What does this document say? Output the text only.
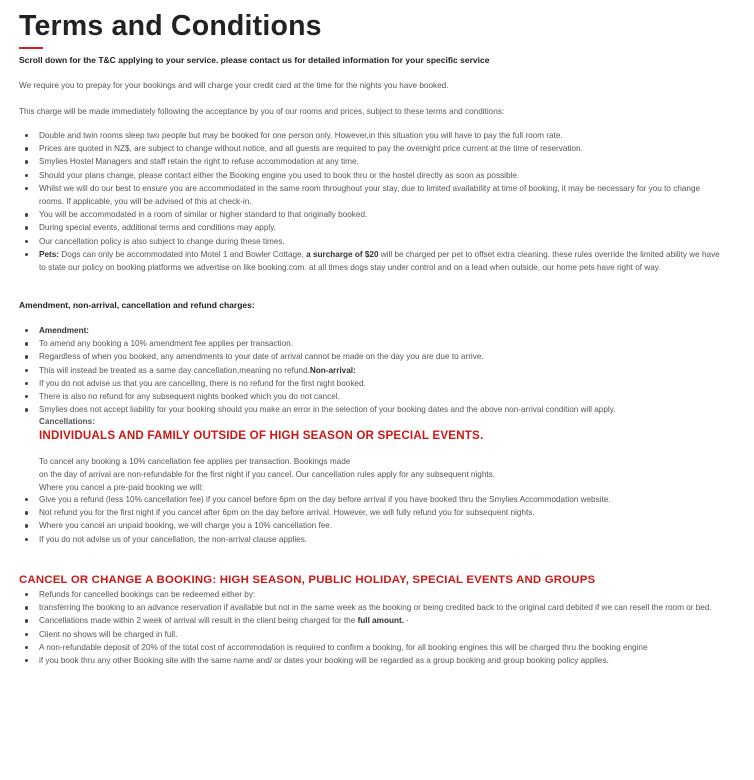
Terms and Conditions
Scroll down for the T&C applying to your service. please contact us for detailed information for your specific service
We require you to prepay for your bookings and will charge your credit card at the time for the nights you have booked.
This charge will be made immediately following the acceptance by you of our rooms and prices, subject to these terms and conditions:
Double and twin rooms sleep two people but may be booked for one person only. However,in this situation you will have to pay the full room rate.
Prices are quoted in NZ$, are subject to change without notice, and all guests are required to pay the overnight price current at the time of reservation.
Smylies Hostel Managers and staff retain the right to refuse accommodation at any time.
Should your plans change, please contact either the Booking engine you used to book thru or the hostel directly as soon as possible.
Whilst we will do our best to ensure you are accommodated in the same room throughout your stay, due to limited availability at time of booking, it may be necessary for you to change rooms. If applicable, you will be advised of this at check-in.
You will be accommodated in a room of similar or higher standard to that originally booked.
During special events, additional terms and conditions may apply.
Our cancellation policy is also subject to change during these times.
Pets: Dogs can only be accommodated into Motel 1 and Bowler Cottage, a surcharge of $20 will be charged per pet to offset extra cleaning. these rules override the limited ability we have to state our policy on booking platforms we advertise on like booking.com. at all times dogs stay under control and on a lead when outside, our home pets have right of way.
Amendment, non-arrival, cancellation and refund charges:
Amendment:
To amend any booking a 10% amendment fee applies per transaction.
Regardless of when you booked, any amendments to your date of arrival cannot be made on the day you are due to arrive.
This will instead be treated as a same day cancellation,meaning no refund.Non-arrival:
If you do not advise us that you are cancelling, there is no refund for the first night booked.
There is also no refund for any subsequent nights booked which you do not cancel.
Smylies does not accept liability for your booking should you make an error in the selection of your booking dates and the above non-arrival condition will apply.
Cancellations:
INDIVIDUALS AND FAMILY OUTSIDE OF HIGH SEASON OR SPECIAL EVENTS.
To cancel any booking a 10% cancellation fee applies per transaction. Bookings made
on the day of arrival are non-refundable for the first night if you cancel. Our cancellation rules apply for any subsequent nights.
Where you cancel a pre-paid booking we will:
Give you a refund (less 10% cancellation fee) if you cancel before 6pm on the day before arrival if you have booked thru the Smylies Accommodation website.
Not refund you for the first night if you cancel after 6pm on the day before arrival. However, we will fully refund you for subsequent nights.
Where you cancel an unpaid booking, we will charge you a 10% cancellation fee.
If you do not advise us of your cancellation, the non-arrival clause applies.
CANCEL OR CHANGE A BOOKING: HIGH SEASON, PUBLIC HOLIDAY, SPECIAL EVENTS AND GROUPS
Refunds for cancelled bookings can be redeemed either by:
transferring the booking to an advance reservation if available but not in the same week as the booking or being credited back to the original card debited if we can resell the room or bed.
Cancellations made within 2 week of arrival will result in the client being charged for the full amount. ·
Client no shows will be charged in full.
A non-refundable deposit of 20% of the total cost of accommodation is required to confirm a booking, for all booking engines this will be charged thru the booking engine
if you book thru any other Booking site with the same name and/ or dates your booking will be regarded as a group booking and group booking policy applies.
